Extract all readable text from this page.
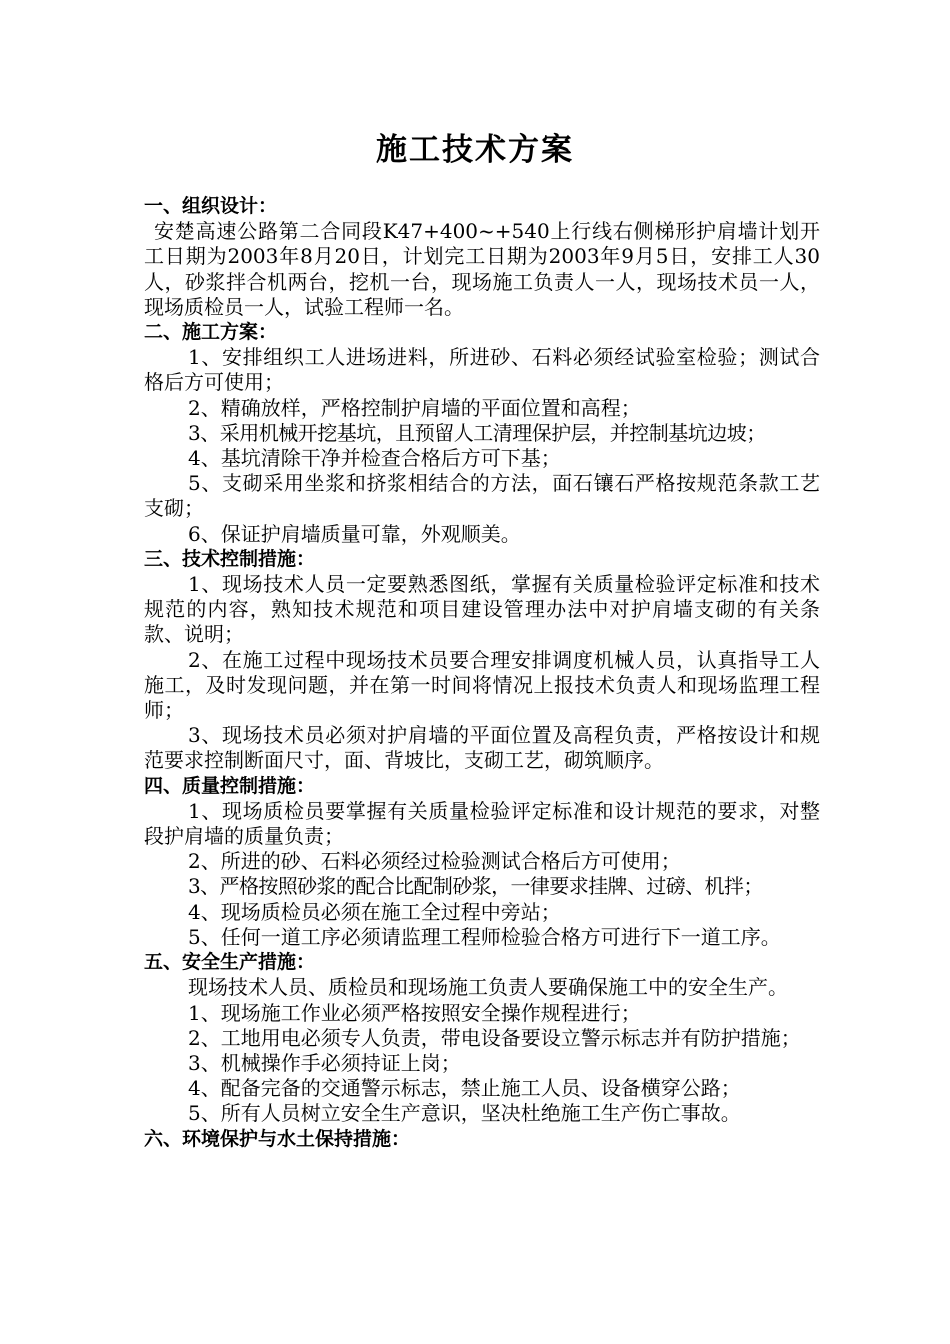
施工技术方案
一、组织设计：
安楚高速公路第二合同段K47+400~+540上行线右侧梯形护肩墙计划开工日期为2003年8月20日，计划完工日期为2003年9月5日，安排工人30人，砂浆拌合机两台，挖机一台，现场施工负责人一人，现场技术员一人，现场质检员一人，试验工程师一名。
二、施工方案：
1、安排组织工人进场进料，所进砂、石料必须经试验室检验；测试合格后方可使用；
2、精确放样，严格控制护肩墙的平面位置和高程；
3、采用机械开挖基坑，且预留人工清理保护层，并控制基坑边坡；
4、基坑清除干净并检查合格后方可下基；
5、支砌采用坐浆和挤浆相结合的方法，面石镶石严格按规范条款工艺支砌；
6、保证护肩墙质量可靠，外观顺美。
三、技术控制措施：
1、现场技术人员一定要熟悉图纸，掌握有关质量检验评定标准和技术规范的内容，熟知技术规范和项目建设管理办法中对护肩墙支砌的有关条款、说明；
2、在施工过程中现场技术员要合理安排调度机械人员，认真指导工人施工，及时发现问题，并在第一时间将情况上报技术负责人和现场监理工程师；
3、现场技术员必须对护肩墙的平面位置及高程负责，严格按设计和规范要求控制断面尺寸，面、背坡比，支砌工艺，砌筑顺序。
四、质量控制措施：
1、现场质检员要掌握有关质量检验评定标准和设计规范的要求，对整段护肩墙的质量负责；
2、所进的砂、石料必须经过检验测试合格后方可使用；
3、严格按照砂浆的配合比配制砂浆，一律要求挂牌、过磅、机拌；
4、现场质检员必须在施工全过程中旁站；
5、任何一道工序必须请监理工程师检验合格方可进行下一道工序。
五、安全生产措施：
现场技术人员、质检员和现场施工负责人要确保施工中的安全生产。
1、现场施工作业必须严格按照安全操作规程进行；
2、工地用电必须专人负责，带电设备要设立警示标志并有防护措施；
3、机械操作手必须持证上岗；
4、配备完备的交通警示标志，禁止施工人员、设备横穿公路；
5、所有人员树立安全生产意识，坚决杜绝施工生产伤亡事故。
六、环境保护与水土保持措施：
